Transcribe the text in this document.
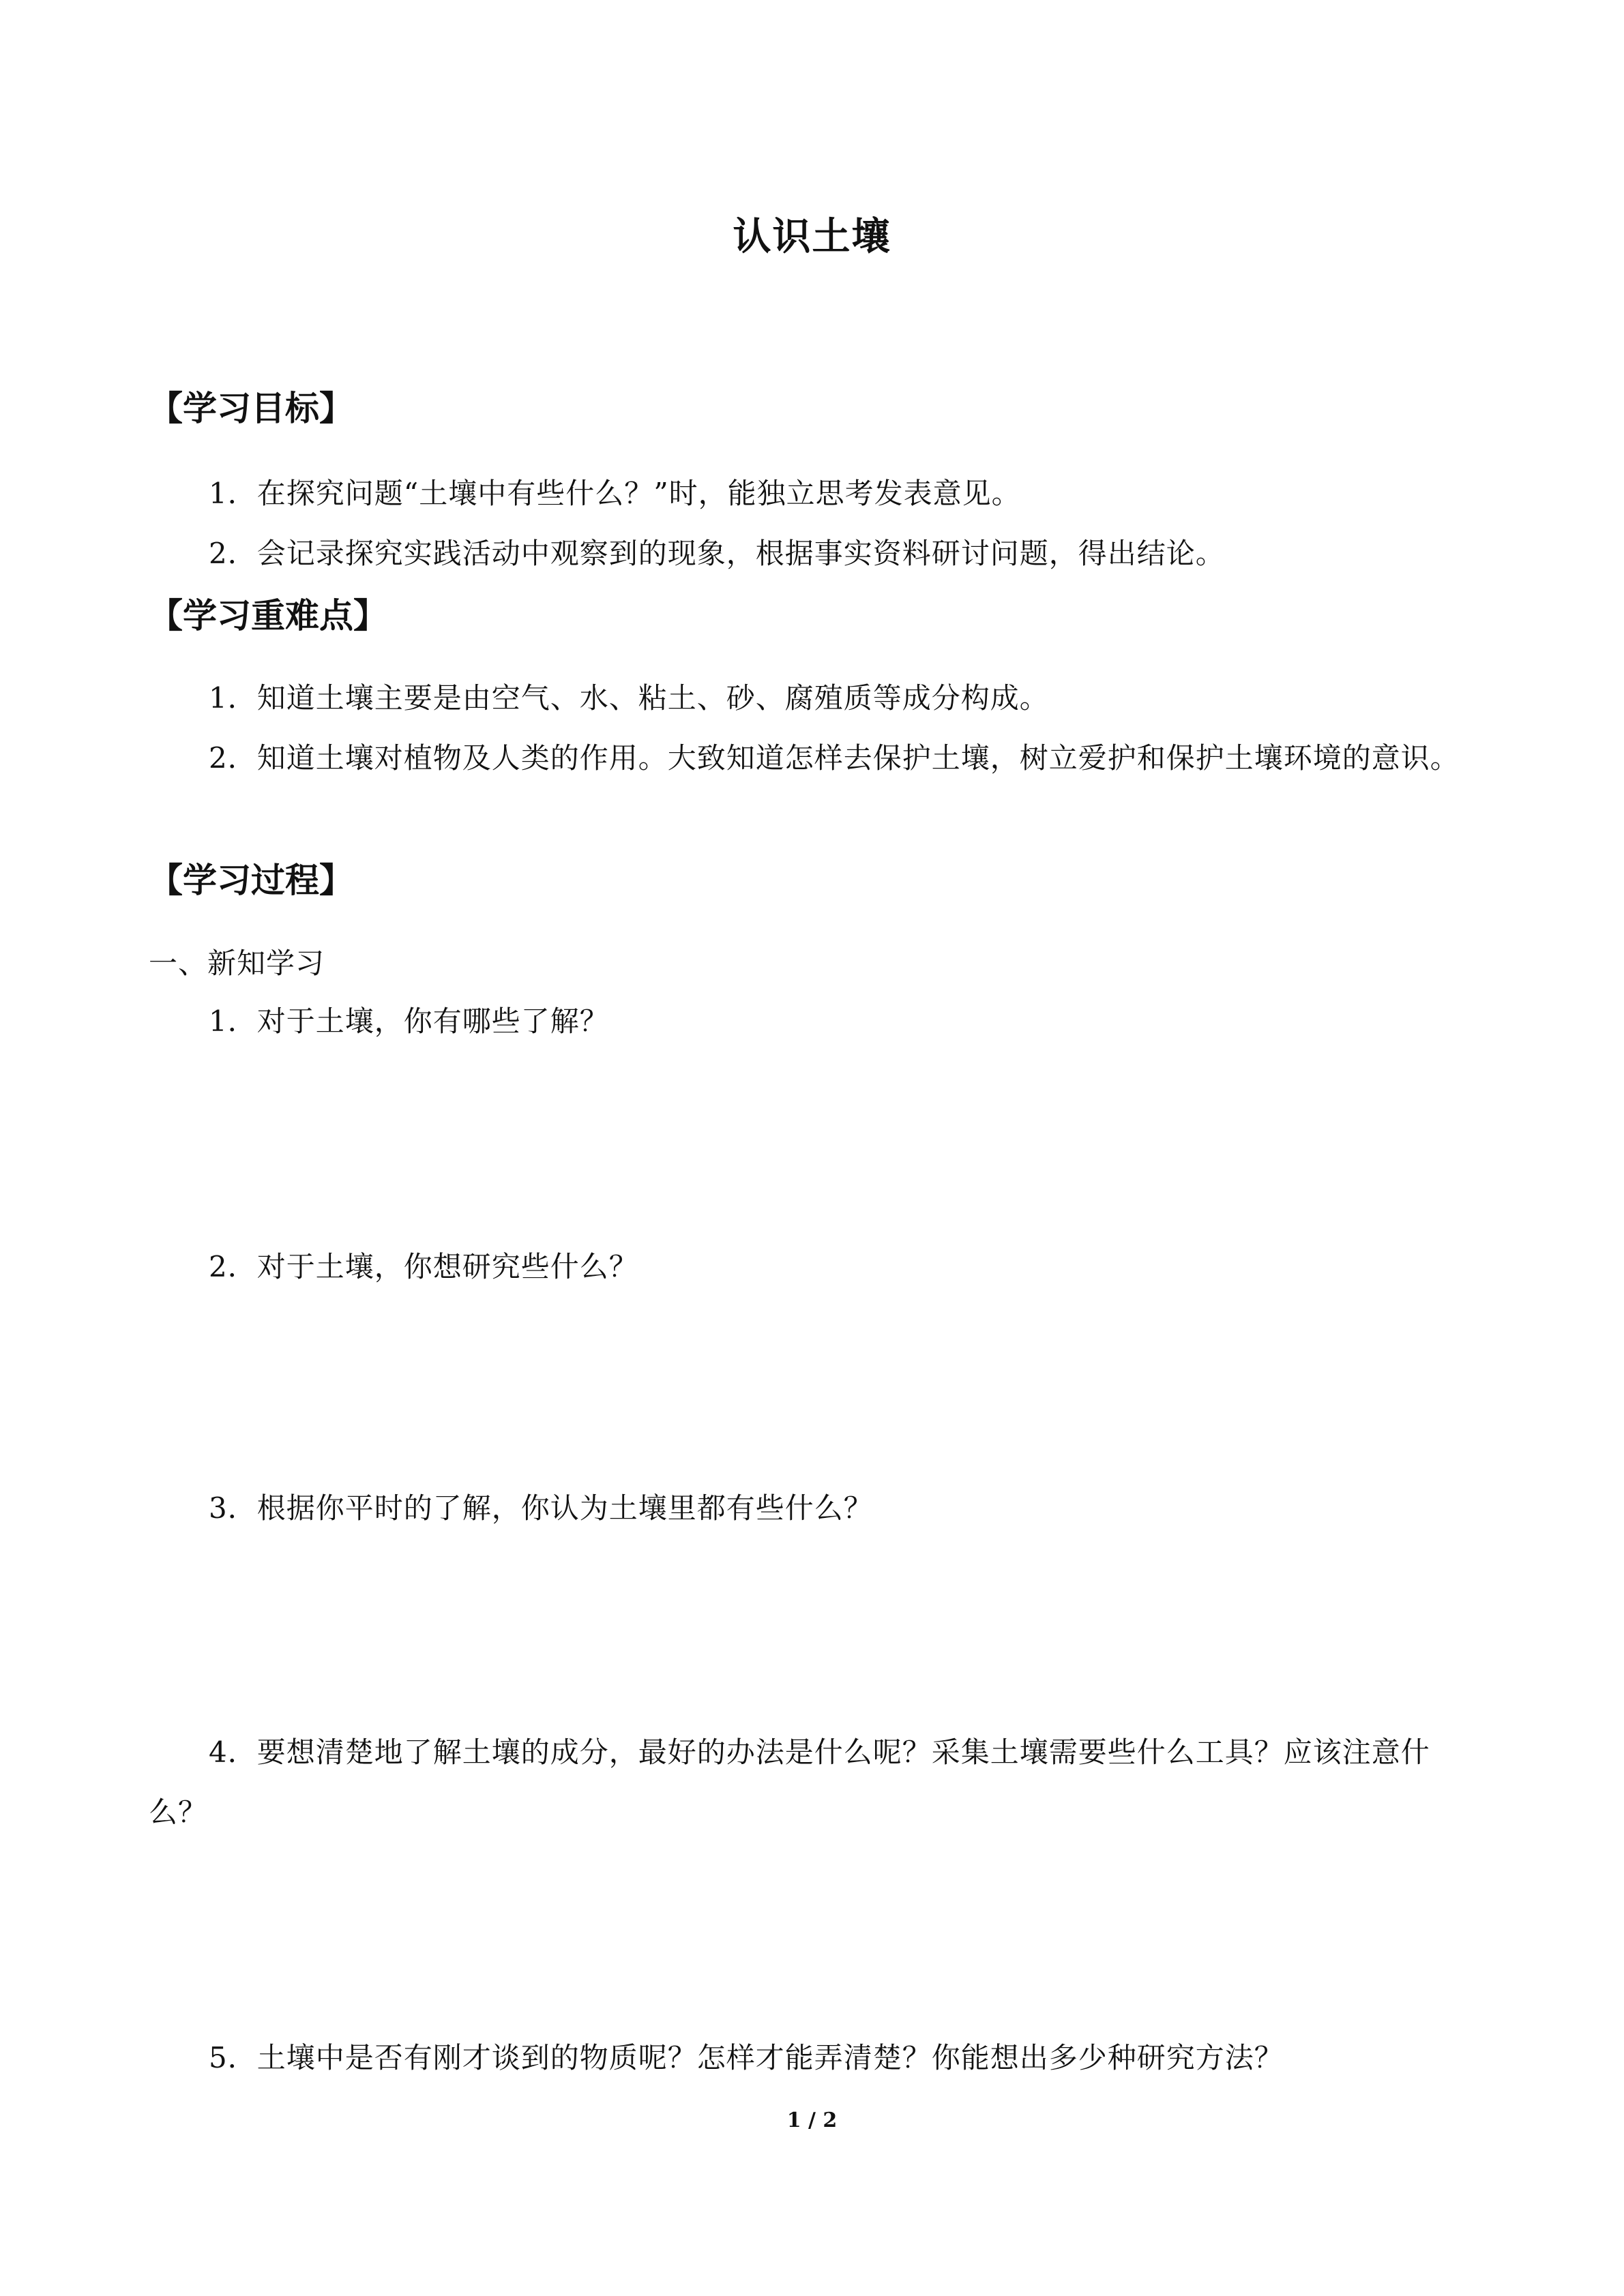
认识土壤
【学习目标】
1．在探究问题“土壤中有些什么？”时，能独立思考发表意见。
2．会记录探究实践活动中观察到的现象，根据事实资料研讨问题，得出结论。
【学习重难点】
1．知道土壤主要是由空气、水、粘土、砂、腐殖质等成分构成。
2．知道土壤对植物及人类的作用。大致知道怎样去保护土壤，树立爱护和保护土壤环境的意识。
【学习过程】
一、新知学习
1．对于土壤，你有哪些了解？
2．对于土壤，你想研究些什么？
3．根据你平时的了解，你认为土壤里都有些什么？
4．要想清楚地了解土壤的成分，最好的办法是什么呢？采集土壤需要些什么工具？应该注意什么？
5．土壤中是否有刚才谈到的物质呢？怎样才能弄清楚？你能想出多少种研究方法？
1 / 2
